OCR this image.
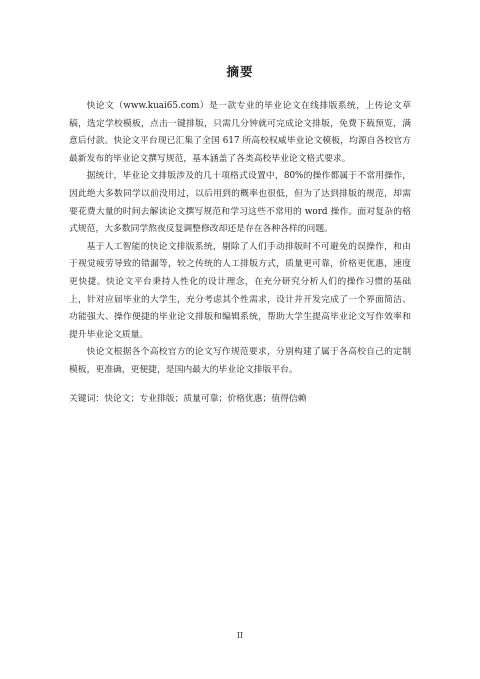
摘要

快论文（www.kuai65.com）是一款专业的毕业论文在线排版系统，上传论文草稿，选定学校模板，点击一键排版，只需几分钟就可完成论文排版，免费下载预览，满意后付款。快论文平台现已汇集了全国 617 所高校权威毕业论文模板，均源自各校官方最新发布的毕业论文撰写规范，基本涵盖了各类高校毕业论文格式要求。

据统计，毕业论文排版涉及的几十项格式设置中，80%的操作都属于不常用操作，因此绝大多数同学以前没用过，以后用到的概率也很低，但为了达到排版的规范，却需要花费大量的时间去解读论文撰写规范和学习这些不常用的 word 操作。面对复杂的格式规范，大多数同学熬夜反复调整修改却还是存在各种各样的问题。

基于人工智能的快论文排版系统，剔除了人们手动排版时不可避免的误操作，和由于视觉疲劳导致的错漏等，较之传统的人工排版方式，质量更可靠，价格更优惠，速度更快捷。快论文平台秉持人性化的设计理念，在充分研究分析人们的操作习惯的基础上，针对应届毕业的大学生，充分考虑其个性需求，设计并开发完成了一个界面简洁、功能强大、操作便捷的毕业论文排版和编辑系统，帮助大学生提高毕业论文写作效率和提升毕业论文质量。

快论文根据各个高校官方的论文写作规范要求，分别构建了属于各高校自己的定制模板，更准确，更便捷，是国内最大的毕业论文排版平台。

关键词：快论文；专业排版；质量可靠；价格优惠；值得信赖

II
